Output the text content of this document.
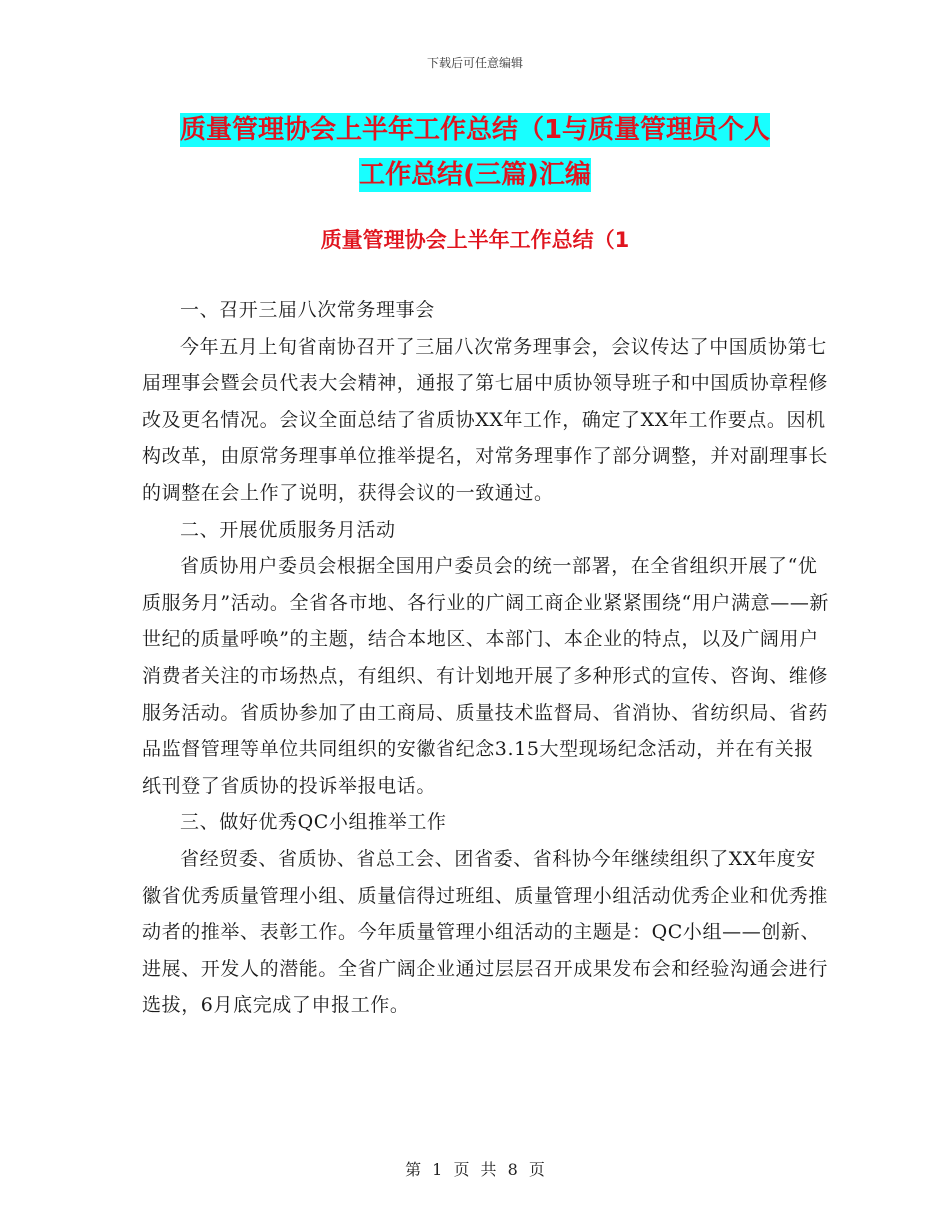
下载后可任意编辑
质量管理协会上半年工作总结（1与质量管理员个人
工作总结(三篇)汇编
质量管理协会上半年工作总结（1

一、召开三届八次常务理事会

今年五月上旬省南协召开了三届八次常务理事会，会议传达了中国质协第七届理事会暨会员代表大会精神，通报了第七届中质协领导班子和中国质协章程修改及更名情况。会议全面总结了省质协XX年工作，确定了XX年工作要点。因机构改革，由原常务理事单位推举提名，对常务理事作了部分调整，并对副理事长的调整在会上作了说明，获得会议的一致通过。

二、开展优质服务月活动

省质协用户委员会根据全国用户委员会的统一部署，在全省组织开展了“优质服务月”活动。全省各市地、各行业的广阔工商企业紧紧围绕“用户满意——新世纪的质量呼唤”的主题，结合本地区、本部门、本企业的特点，以及广阔用户消费者关注的市场热点，有组织、有计划地开展了多种形式的宣传、咨询、维修服务活动。省质协参加了由工商局、质量技术监督局、省消协、省纺织局、省药品监督管理等单位共同组织的安徽省纪念3.15大型现场纪念活动，并在有关报纸刊登了省质协的投诉举报电话。

三、做好优秀QC小组推举工作

省经贸委、省质协、省总工会、团省委、省科协今年继续组织了XX年度安徽省优秀质量管理小组、质量信得过班组、质量管理小组活动优秀企业和优秀推动者的推举、表彰工作。今年质量管理小组活动的主题是：QC小组——创新、进展、开发人的潜能。全省广阔企业通过层层召开成果发布会和经验沟通会进行选拔，6月底完成了申报工作。

第 1 页 共 8 页
